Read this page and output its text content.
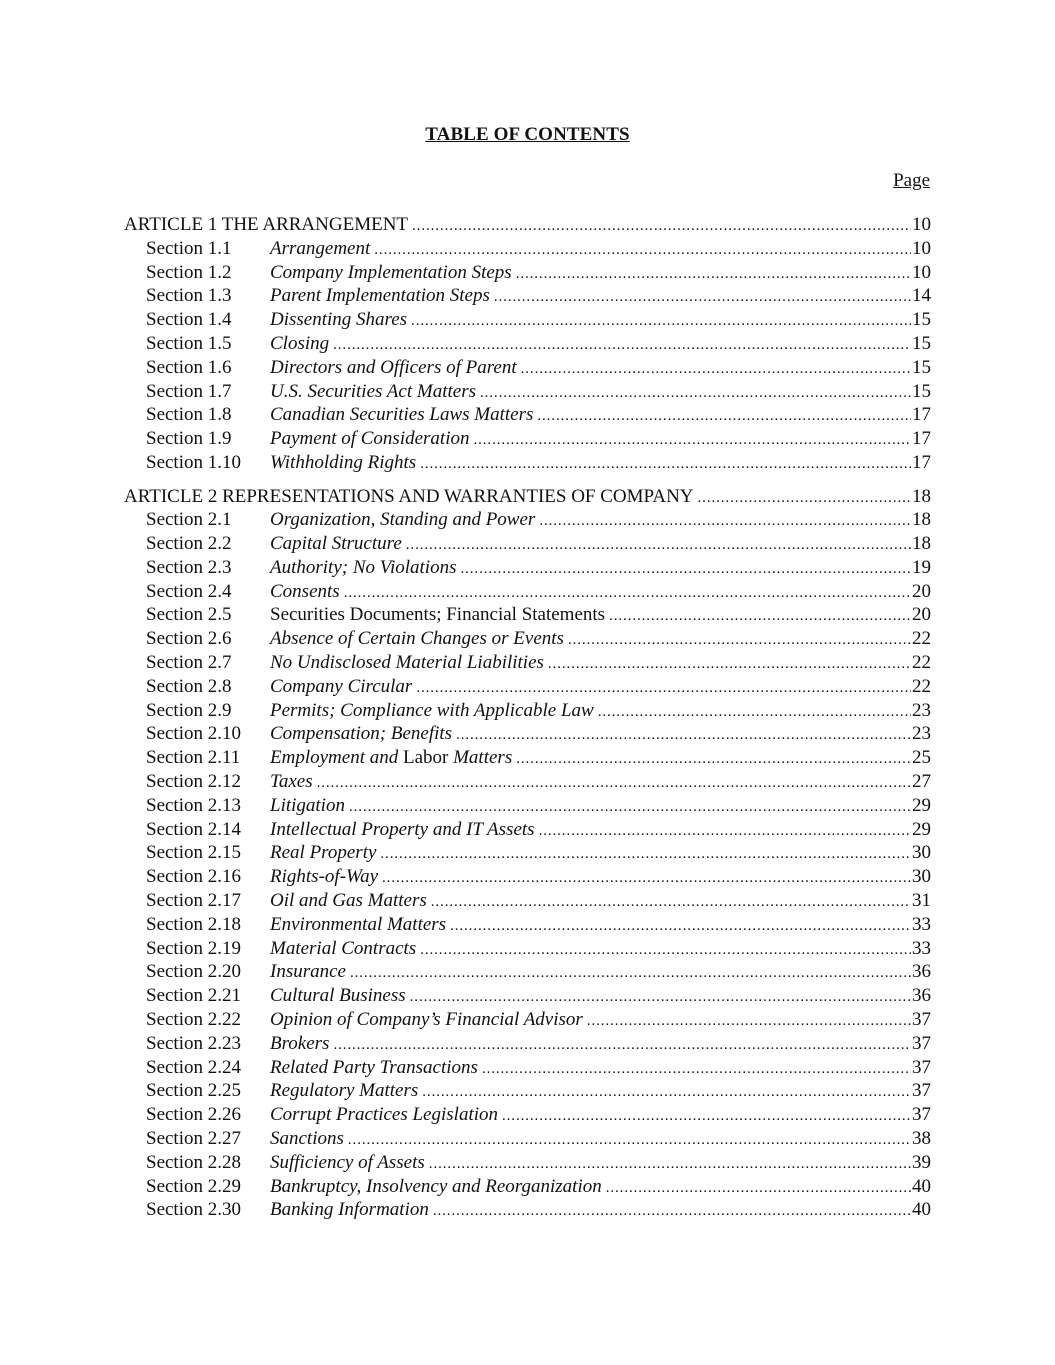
TABLE OF CONTENTS
Page
ARTICLE 1 THE ARRANGEMENT .....	10
Section 1.1	Arrangement .....	10
Section 1.2	Company Implementation Steps .....	10
Section 1.3	Parent Implementation Steps .....	14
Section 1.4	Dissenting Shares .....	15
Section 1.5	Closing .....	15
Section 1.6	Directors and Officers of Parent .....	15
Section 1.7	U.S. Securities Act Matters .....	15
Section 1.8	Canadian Securities Laws Matters .....	17
Section 1.9	Payment of Consideration .....	17
Section 1.10	Withholding Rights .....	17
ARTICLE 2 REPRESENTATIONS AND WARRANTIES OF COMPANY .....	18
Section 2.1	Organization, Standing and Power .....	18
Section 2.2	Capital Structure .....	18
Section 2.3	Authority; No Violations .....	19
Section 2.4	Consents .....	20
Section 2.5	Securities Documents; Financial Statements .....	20
Section 2.6	Absence of Certain Changes or Events .....	22
Section 2.7	No Undisclosed Material Liabilities .....	22
Section 2.8	Company Circular .....	22
Section 2.9	Permits; Compliance with Applicable Law .....	23
Section 2.10	Compensation; Benefits .....	23
Section 2.11	Employment and Labor Matters .....	25
Section 2.12	Taxes .....	27
Section 2.13	Litigation .....	29
Section 2.14	Intellectual Property and IT Assets .....	29
Section 2.15	Real Property .....	30
Section 2.16	Rights-of-Way .....	30
Section 2.17	Oil and Gas Matters .....	31
Section 2.18	Environmental Matters .....	33
Section 2.19	Material Contracts .....	33
Section 2.20	Insurance .....	36
Section 2.21	Cultural Business .....	36
Section 2.22	Opinion of Company’s Financial Advisor .....	37
Section 2.23	Brokers .....	37
Section 2.24	Related Party Transactions .....	37
Section 2.25	Regulatory Matters .....	37
Section 2.26	Corrupt Practices Legislation .....	37
Section 2.27	Sanctions .....	38
Section 2.28	Sufficiency of Assets .....	39
Section 2.29	Bankruptcy, Insolvency and Reorganization .....	40
Section 2.30	Banking Information .....	40
